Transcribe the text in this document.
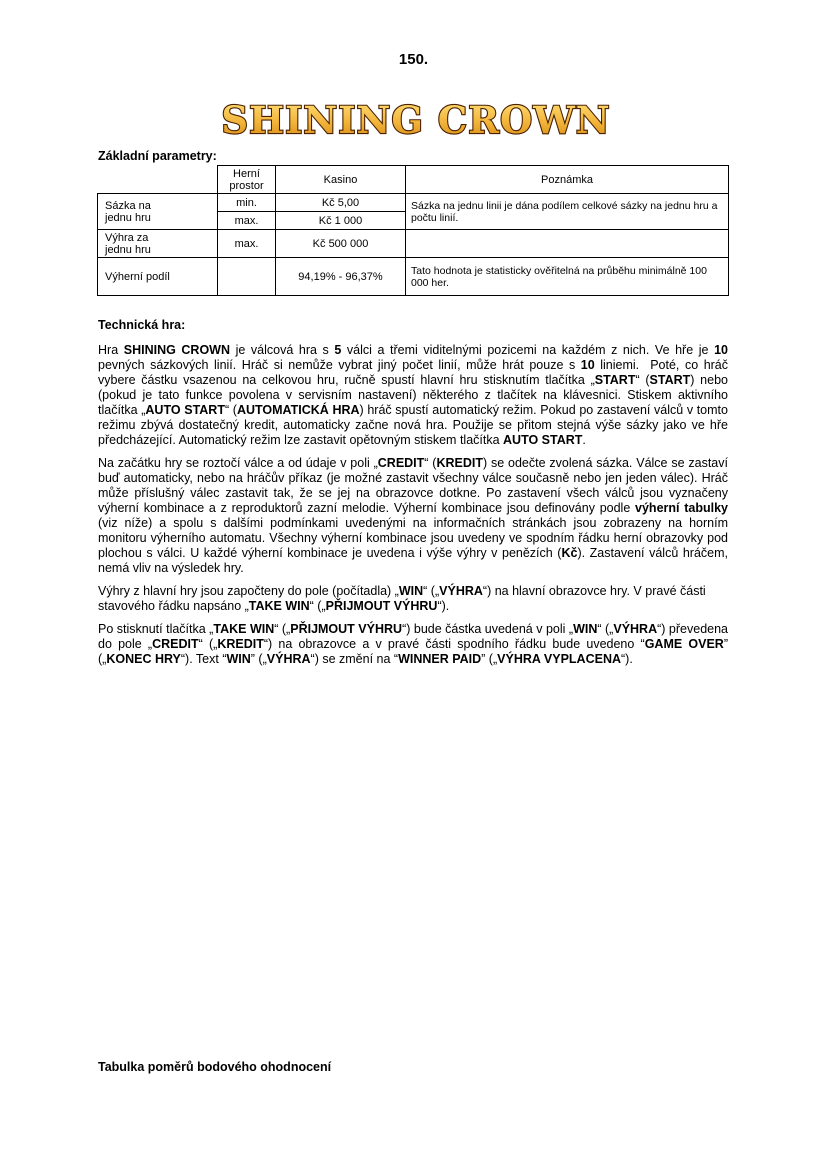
150.
SHINING CROWN
Základní parametry:
	Herní
prostor	Kasino	Poznámka
Sázka na
jednu hru	min.	Kč 5,00	Sázka na jednu linii je dána podílem celkové sázky na jednu hru a počtu linií.
	max.	Kč 1 000	
Výhra za
jednu hru	max.	Kč 500 000	
Výherní podíl		94,19% - 96,37%	Tato hodnota je statisticky ověřitelná na průběhu minimálně 100 000 her.
Technická hra:

Hra SHINING CROWN je válcová hra s 5 válci a třemi viditelnými pozicemi na každém z nich. Ve hře je 10 pevných sázkových linií. Hráč si nemůže vybrat jiný počet linií, může hrát pouze s 10 liniemi.  Poté, co hráč vybere částku vsazenou na celkovou hru, ručně spustí hlavní hru stisknutím tlačítka „START“ (START) nebo (pokud je tato funkce povolena v servisním nastavení) některého z tlačítek na klávesnici. Stiskem aktivního tlačítka „AUTO START“ (AUTOMATICKÁ HRA) hráč spustí automatický režim. Pokud po zastavení válců v tomto režimu zbývá dostatečný kredit, automaticky začne nová hra. Použije se přitom stejná výše sázky jako ve hře předcházející. Automatický režim lze zastavit opětovným stiskem tlačítka AUTO START.

Na začátku hry se roztočí válce a od údaje v poli „CREDIT“ (KREDIT) se odečte zvolená sázka. Válce se zastaví buď automaticky, nebo na hráčův příkaz (je možné zastavit všechny válce současně nebo jen jeden válec). Hráč může příslušný válec zastavit tak, že se jej na obrazovce dotkne. Po zastavení všech válců jsou vyznačeny výherní kombinace a z reproduktorů zazní melodie. Výherní kombinace jsou definovány podle výherní tabulky (viz níže) a spolu s dalšími podmínkami uvedenými na informačních stránkách jsou zobrazeny na horním monitoru výherního automatu. Všechny výherní kombinace jsou uvedeny ve spodním řádku herní obrazovky pod plochou s válci. U každé výherní kombinace je uvedena i výše výhry v penězích (Kč). Zastavení válců hráčem, nemá vliv na výsledek hry.

Výhry z hlavní hry jsou započteny do pole (počítadla) „WIN“ („VÝHRA“) na hlavní obrazovce hry. V pravé části stavového řádku napsáno „TAKE WIN“ („PŘIJMOUT VÝHRU“).

Po stisknutí tlačítka „TAKE WIN“ („PŘIJMOUT VÝHRU“) bude částka uvedená v poli „WIN“ („VÝHRA“) převedena do pole „CREDIT“ („KREDIT“) na obrazovce a v pravé části spodního řádku bude uvedeno “GAME OVER” („KONEC HRY“). Text “WIN” („VÝHRA“) se změní na “WINNER PAID” („VÝHRA VYPLACENA“).

Tabulka poměrů bodového ohodnocení
